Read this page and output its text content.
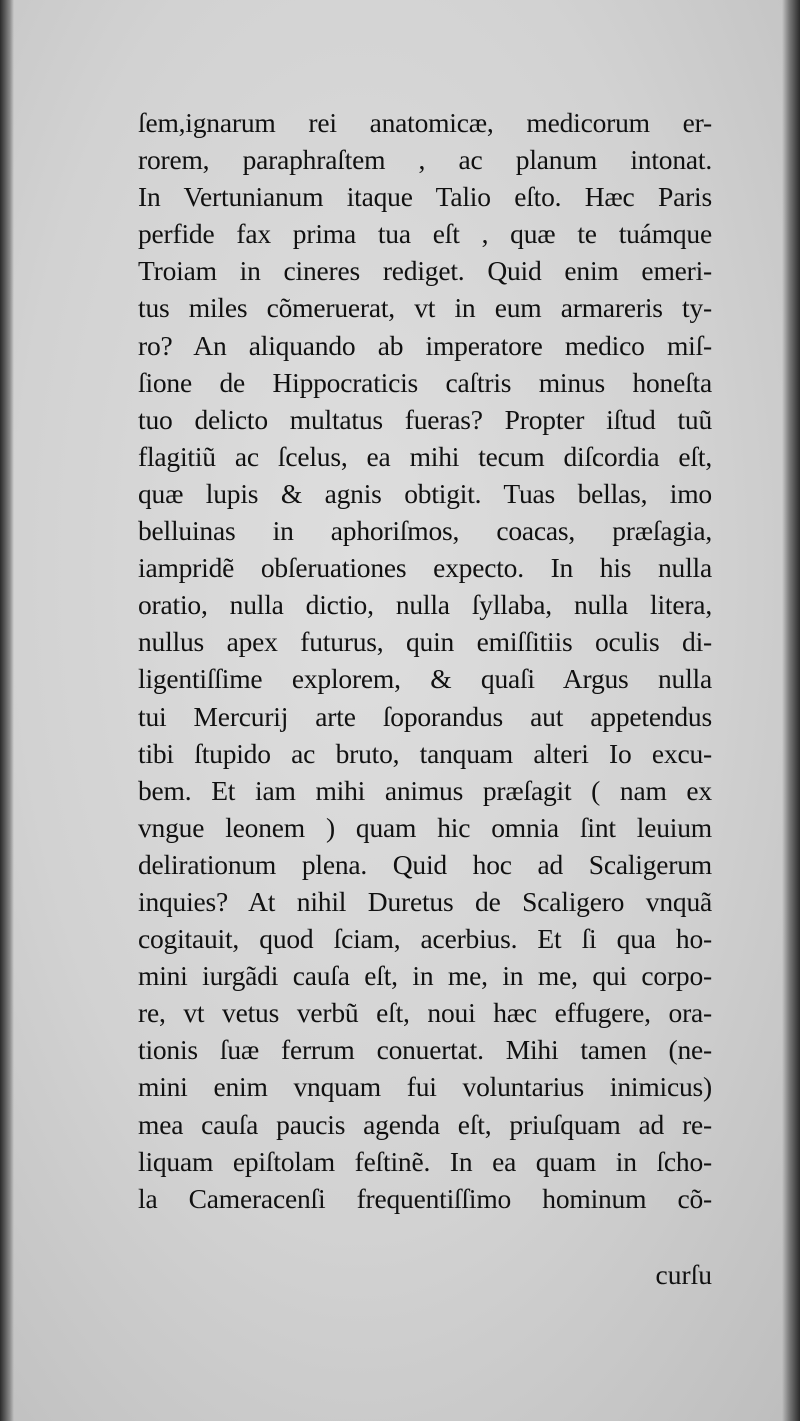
ſem,ignarum rei anatomicæ, medicorum er-
rorem, paraphraſtem , ac planum intonat.
In Vertunianum itaque Talio eſto. Hæc Paris
perfide fax prima tua eſt , quæ te tuámque
Troiam in cineres rediget. Quid enim emeri-
tus miles cõmeruerat, vt in eum armareris ty-
ro? An aliquando ab imperatore medico miſ-
ſione de Hippocraticis caſtris minus honeſta
tuo delicto multatus fueras? Propter iſtud tuũ
flagitiũ ac ſcelus, ea mihi tecum diſcordia eſt,
quæ lupis & agnis obtigit. Tuas bellas, imo
belluinas in aphoriſmos, coacas, præſagia,
iampridẽ obſeruationes expecto. In his nulla
oratio, nulla dictio, nulla ſyllaba, nulla litera,
nullus apex futurus, quin emiſſitiis oculis di-
ligentiſſime explorem, & quaſi Argus nulla
tui Mercurij arte ſoporandus aut appetendus
tibi ſtupido ac bruto, tanquam alteri Io excu-
bem. Et iam mihi animus præſagit ( nam ex
vngue leonem ) quam hic omnia ſint leuium
delirationum plena. Quid hoc ad Scaligerum
inquies? At nihil Duretus de Scaligero vnquã
cogitauit, quod ſciam, acerbius. Et ſi qua ho-
mini iurgãdi cauſa eſt, in me, in me, qui corpo-
re, vt vetus verbũ eſt, noui hæc effugere, ora-
tionis ſuæ ferrum conuertat. Mihi tamen (ne-
mini enim vnquam fui voluntarius inimicus)
mea cauſa paucis agenda eſt, priuſquam ad re-
liquam epiſtolam feſtinẽ. In ea quam in ſcho-
la Cameracenſi frequentiſſimo hominum cõ-
curſu
